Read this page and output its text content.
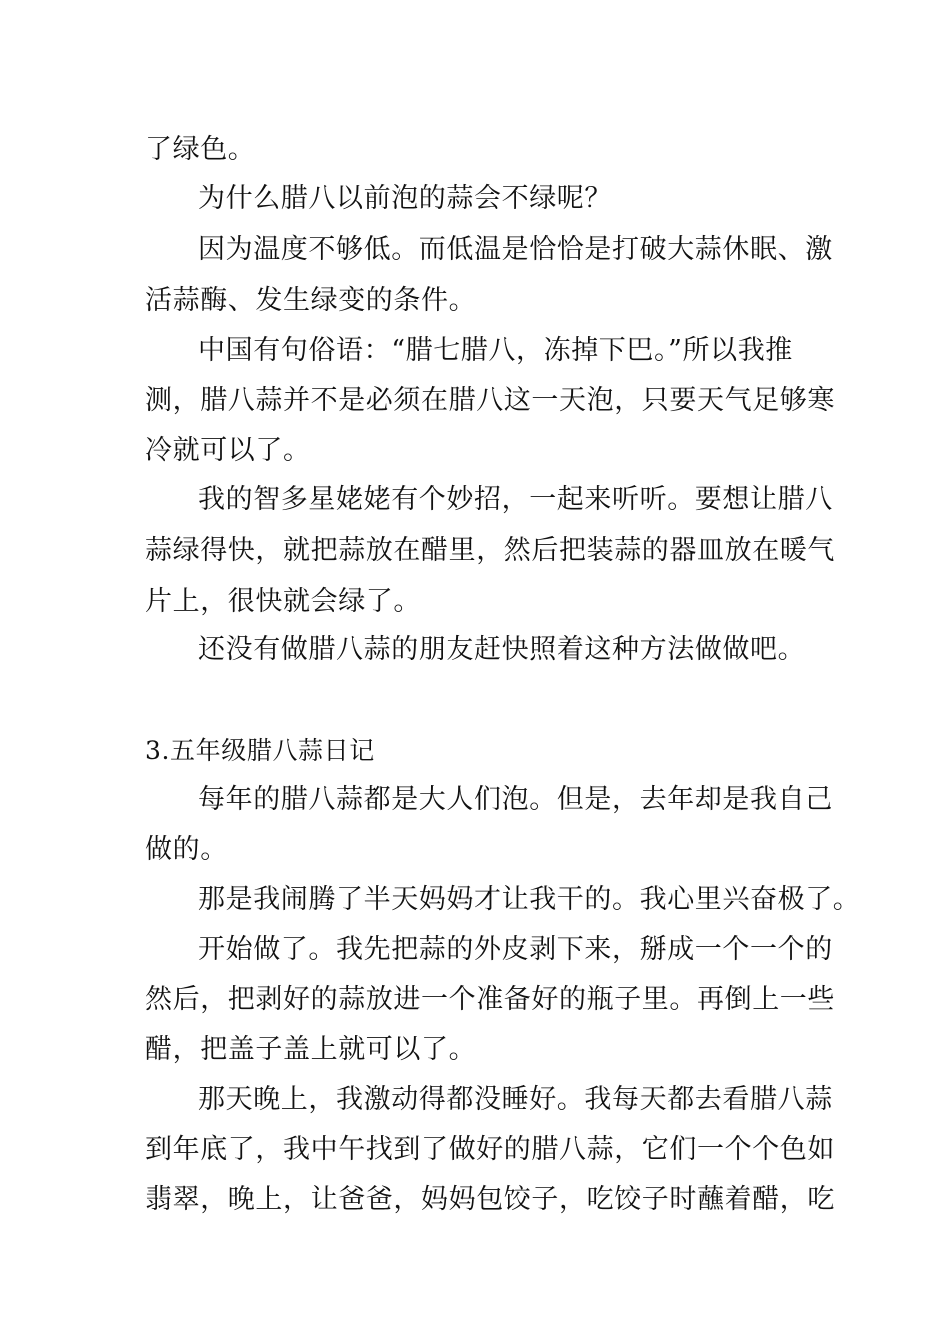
了绿色。

为什么腊八以前泡的蒜会不绿呢？

因为温度不够低。而低温是恰恰是打破大蒜休眠、激

活蒜酶、发生绿变的条件。

中国有句俗语：“腊七腊八，冻掉下巴。”所以我推

测，腊八蒜并不是必须在腊八这一天泡，只要天气足够寒

冷就可以了。

我的智多星姥姥有个妙招，一起来听听。要想让腊八

蒜绿得快，就把蒜放在醋里，然后把装蒜的器皿放在暖气

片上，很快就会绿了。

还没有做腊八蒜的朋友赶快照着这种方法做做吧。

3.五年级腊八蒜日记

每年的腊八蒜都是大人们泡。但是，去年却是我自己

做的。

那是我闹腾了半天妈妈才让我干的。我心里兴奋极了。

开始做了。我先把蒜的外皮剥下来，掰成一个一个的

然后，把剥好的蒜放进一个准备好的瓶子里。再倒上一些

醋，把盖子盖上就可以了。

那天晚上，我激动得都没睡好。我每天都去看腊八蒜

到年底了，我中午找到了做好的腊八蒜，它们一个个色如

翡翠，晚上，让爸爸，妈妈包饺子，吃饺子时蘸着醋，吃
